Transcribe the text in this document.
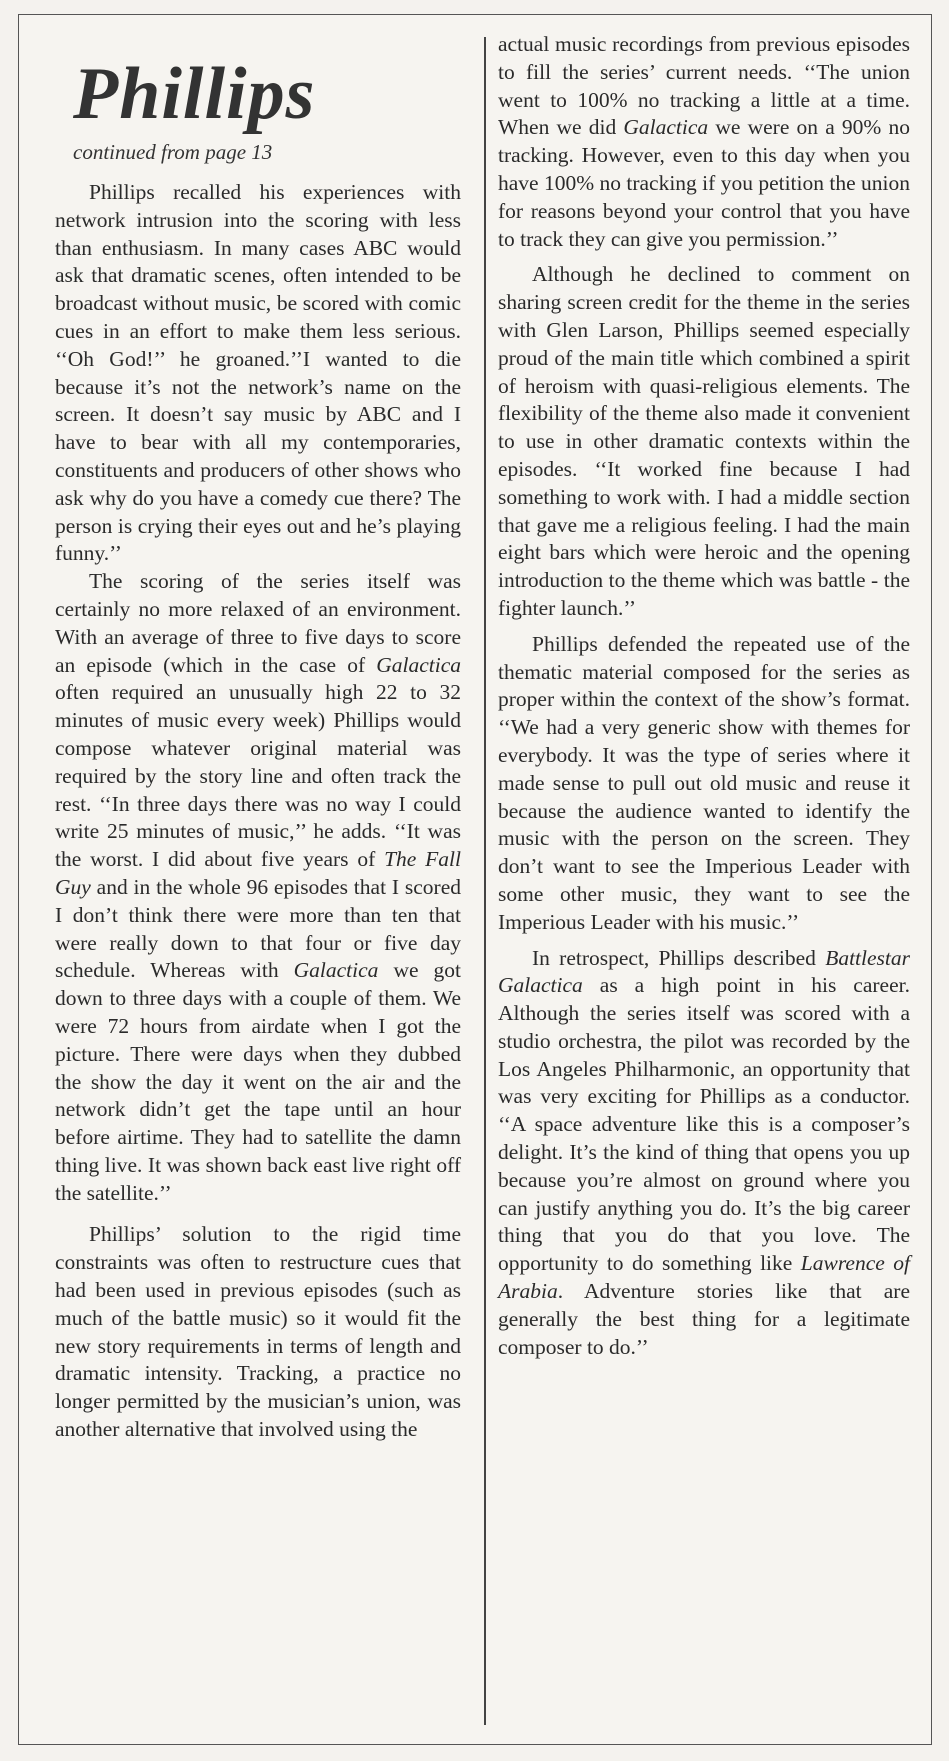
Phillips
continued from page 13

Phillips recalled his experiences with network intrusion into the scoring with less than enthusiasm. In many cases ABC would ask that dramatic scenes, often intended to be broadcast without music, be scored with comic cues in an effort to make them less serious. ‘‘Oh God!’’ he groaned.’’I wanted to die because it’s not the network’s name on the screen. It doesn’t say music by ABC and I have to bear with all my contemporaries, constituents and producers of other shows who ask why do you have a comedy cue there? The person is crying their eyes out and he’s playing funny.’’

The scoring of the series itself was certainly no more relaxed of an environment. With an average of three to five days to score an episode (which in the case of Galactica often required an unusually high 22 to 32 minutes of music every week) Phillips would compose whatever original material was required by the story line and often track the rest. ‘‘In three days there was no way I could write 25 minutes of music,’’ he adds. ‘‘It was the worst. I did about five years of The Fall Guy and in the whole 96 episodes that I scored I don’t think there were more than ten that were really down to that four or five day schedule. Whereas with Galactica we got down to three days with a couple of them. We were 72 hours from airdate when I got the picture. There were days when they dubbed the show the day it went on the air and the network didn’t get the tape until an hour before airtime. They had to satellite the damn thing live. It was shown back east live right off the satellite.’’

Phillips’ solution to the rigid time constraints was often to restructure cues that had been used in previous episodes (such as much of the battle music) so it would fit the new story requirements in terms of length and dramatic intensity. Tracking, a practice no longer permitted by the musician’s union, was another alternative that involved using the

actual music recordings from previous episodes to fill the series’ current needs. ‘‘The union went to 100% no tracking a little at a time. When we did Galactica we were on a 90% no tracking. However, even to this day when you have 100% no tracking if you petition the union for reasons beyond your control that you have to track they can give you permission.’’

Although he declined to comment on sharing screen credit for the theme in the series with Glen Larson, Phillips seemed especially proud of the main title which combined a spirit of heroism with quasi-religious elements. The flexibility of the theme also made it convenient to use in other dramatic contexts within the episodes. ‘‘It worked fine because I had something to work with. I had a middle section that gave me a religious feeling. I had the main eight bars which were heroic and the opening introduction to the theme which was battle - the fighter launch.’’

Phillips defended the repeated use of the thematic material composed for the series as proper within the context of the show’s format. ‘‘We had a very generic show with themes for everybody. It was the type of series where it made sense to pull out old music and reuse it because the audience wanted to identify the music with the person on the screen. They don’t want to see the Imperious Leader with some other music, they want to see the Imperious Leader with his music.’’

In retrospect, Phillips described Battlestar Galactica as a high point in his career. Although the series itself was scored with a studio orchestra, the pilot was recorded by the Los Angeles Philharmonic, an opportunity that was very exciting for Phillips as a conductor. ‘‘A space adventure like this is a composer’s delight. It’s the kind of thing that opens you up because you’re almost on ground where you can justify anything you do. It’s the big career thing that you do that you love. The opportunity to do something like Lawrence of Arabia. Adventure stories like that are generally the best thing for a legitimate composer to do.’’
